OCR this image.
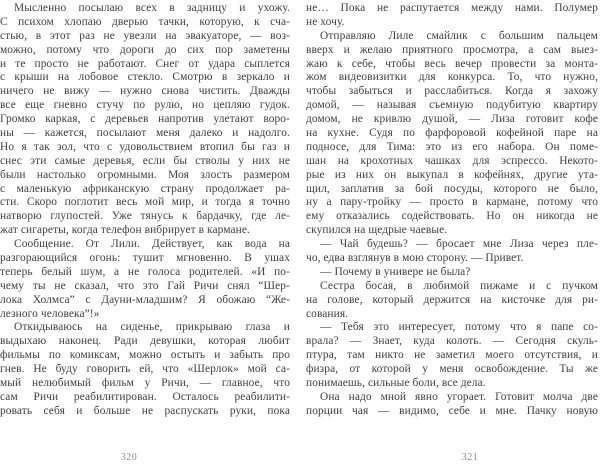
Мысленно посылаю всех в задницу и ухожу.
С психом хлопаю дверью тачки, которую, к сча-
стью, в этот раз не увезли на эвакуаторе, — воз-
можно, потому что дороги до сих пор заметены
и те просто не работают. Снег от удара сыплется
с крыши на лобовое стекло. Смотрю в зеркало и
ничего не вижу — нужно снова чистить. Дважды
все еще гневно стучу по рулю, но цепляю гудок.
Громко каркая, с деревьев напротив улетают воро-
ны — кажется, посылают меня далеко и надолго.
Но я так зол, что с удовольствием втопил бы газ и
снес эти самые деревья, если бы стволы у них не
были настолько огромными. Моя злость размером
с маленькую африканскую страну продолжает ра-
сти. Скоро поглотит весь мой мир, и тогда я точно
натворю глупостей. Уже тянусь к бардачку, где ле-
жат сигареты, когда телефон вибрирует в кармане.
Сообщение. От Лили. Действует, как вода на
разгорающийся огонь: тушит мгновенно. В ушах
теперь белый шум, а не голоса родителей. «И по-
чему ты не сказал, что это Гай Ричи снял “Шер-
лока Холмса” с Дауни-младшим? Я обожаю “Же-
лезного человека”!»
Откидываюсь на сиденье, прикрываю глаза и
выдыхаю наконец. Ради девушки, которая любит
фильмы по комиксам, можно остыть и забыть про
гнев. Не буду говорить ей, что «Шерлок» мой са-
мый нелюбимый фильм у Ричи, — главное, что
сам Ричи реабилитирован. Осталось реабилити-
ровать себя и больше не распускать руки, пока
320
не… Пока не распутается между нами. Полумер
не хочу.
Отправляю Лиле смайлик с большим пальцем
вверх и желаю приятного просмотра, а сам выез-
жаю к себе, чтобы весь вечер провести за монта-
жом видеовизитки для конкурса. То, что нужно,
чтобы забыться и расслабиться. Когда я захожу
домой, — называя съемную подубитую квартиру
домом, не кривлю душой, — Лиза готовит кофе
на кухне. Судя по фарфоровой кофейной паре на
подносе, для Тима: это из его набора. Он поме-
шан на крохотных чашках для эспрессо. Некото-
рые из них он выкупал в кофейнях, другие ута-
щил, заплатив за бой посуды, которого не было,
ну а пару-тройку — просто в кармане, потому что
ему отказались содействовать. Но он никогда не
скупился на щедрые чаевые.
— Чай будешь? — бросает мне Лиза через пле-
чо, едва взглянув в мою сторону. — Привет.
— Почему в универе не была?
Сестра босая, в любимой пижаме и с пучком
на голове, который держится на кисточке для ри-
сования.
— Тебя это интересует, потому что я папе со-
врала? — Знает, куда колоть. — Сегодня скуль-
птура, там никто не заметил моего отсутствия, и
физра, от которой у меня освобождение. Ты же
понимаешь, сильные боли, все дела.
Она надо мной явно угорает. Готовит молча две
порции чая — видимо, себе и мне. Пачку новую
321
